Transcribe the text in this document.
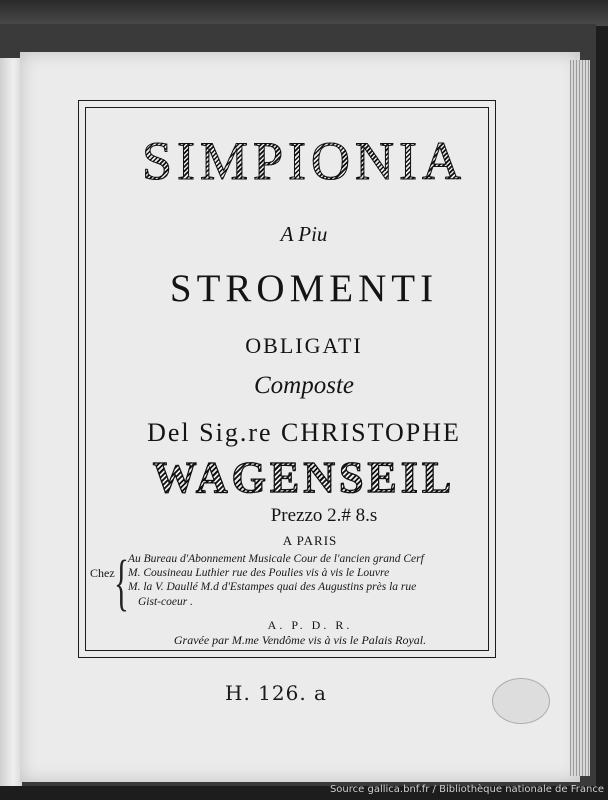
SIMPIONIA
A Piu
STROMENTI
OBLIGATI
Composte
Del Sig.re CHRISTOPHE
WAGENSEIL
Prezzo 2.# 8.s
A PARIS
Chez { Au Bureau d'Abonnement Musicale Cour de l'ancien grand Cerf
M. Cousineau Luthier rue des Poulies vis à vis le Louvre
M. la V. Daullé M.d d'Estampes quai des Augustins près la rue
Gist-coeur .
A. P. D. R.
Gravée par M.me Vendôme vis à vis le Palais Royal.
H. 126. a
Source gallica.bnf.fr / Bibliothèque nationale de France
